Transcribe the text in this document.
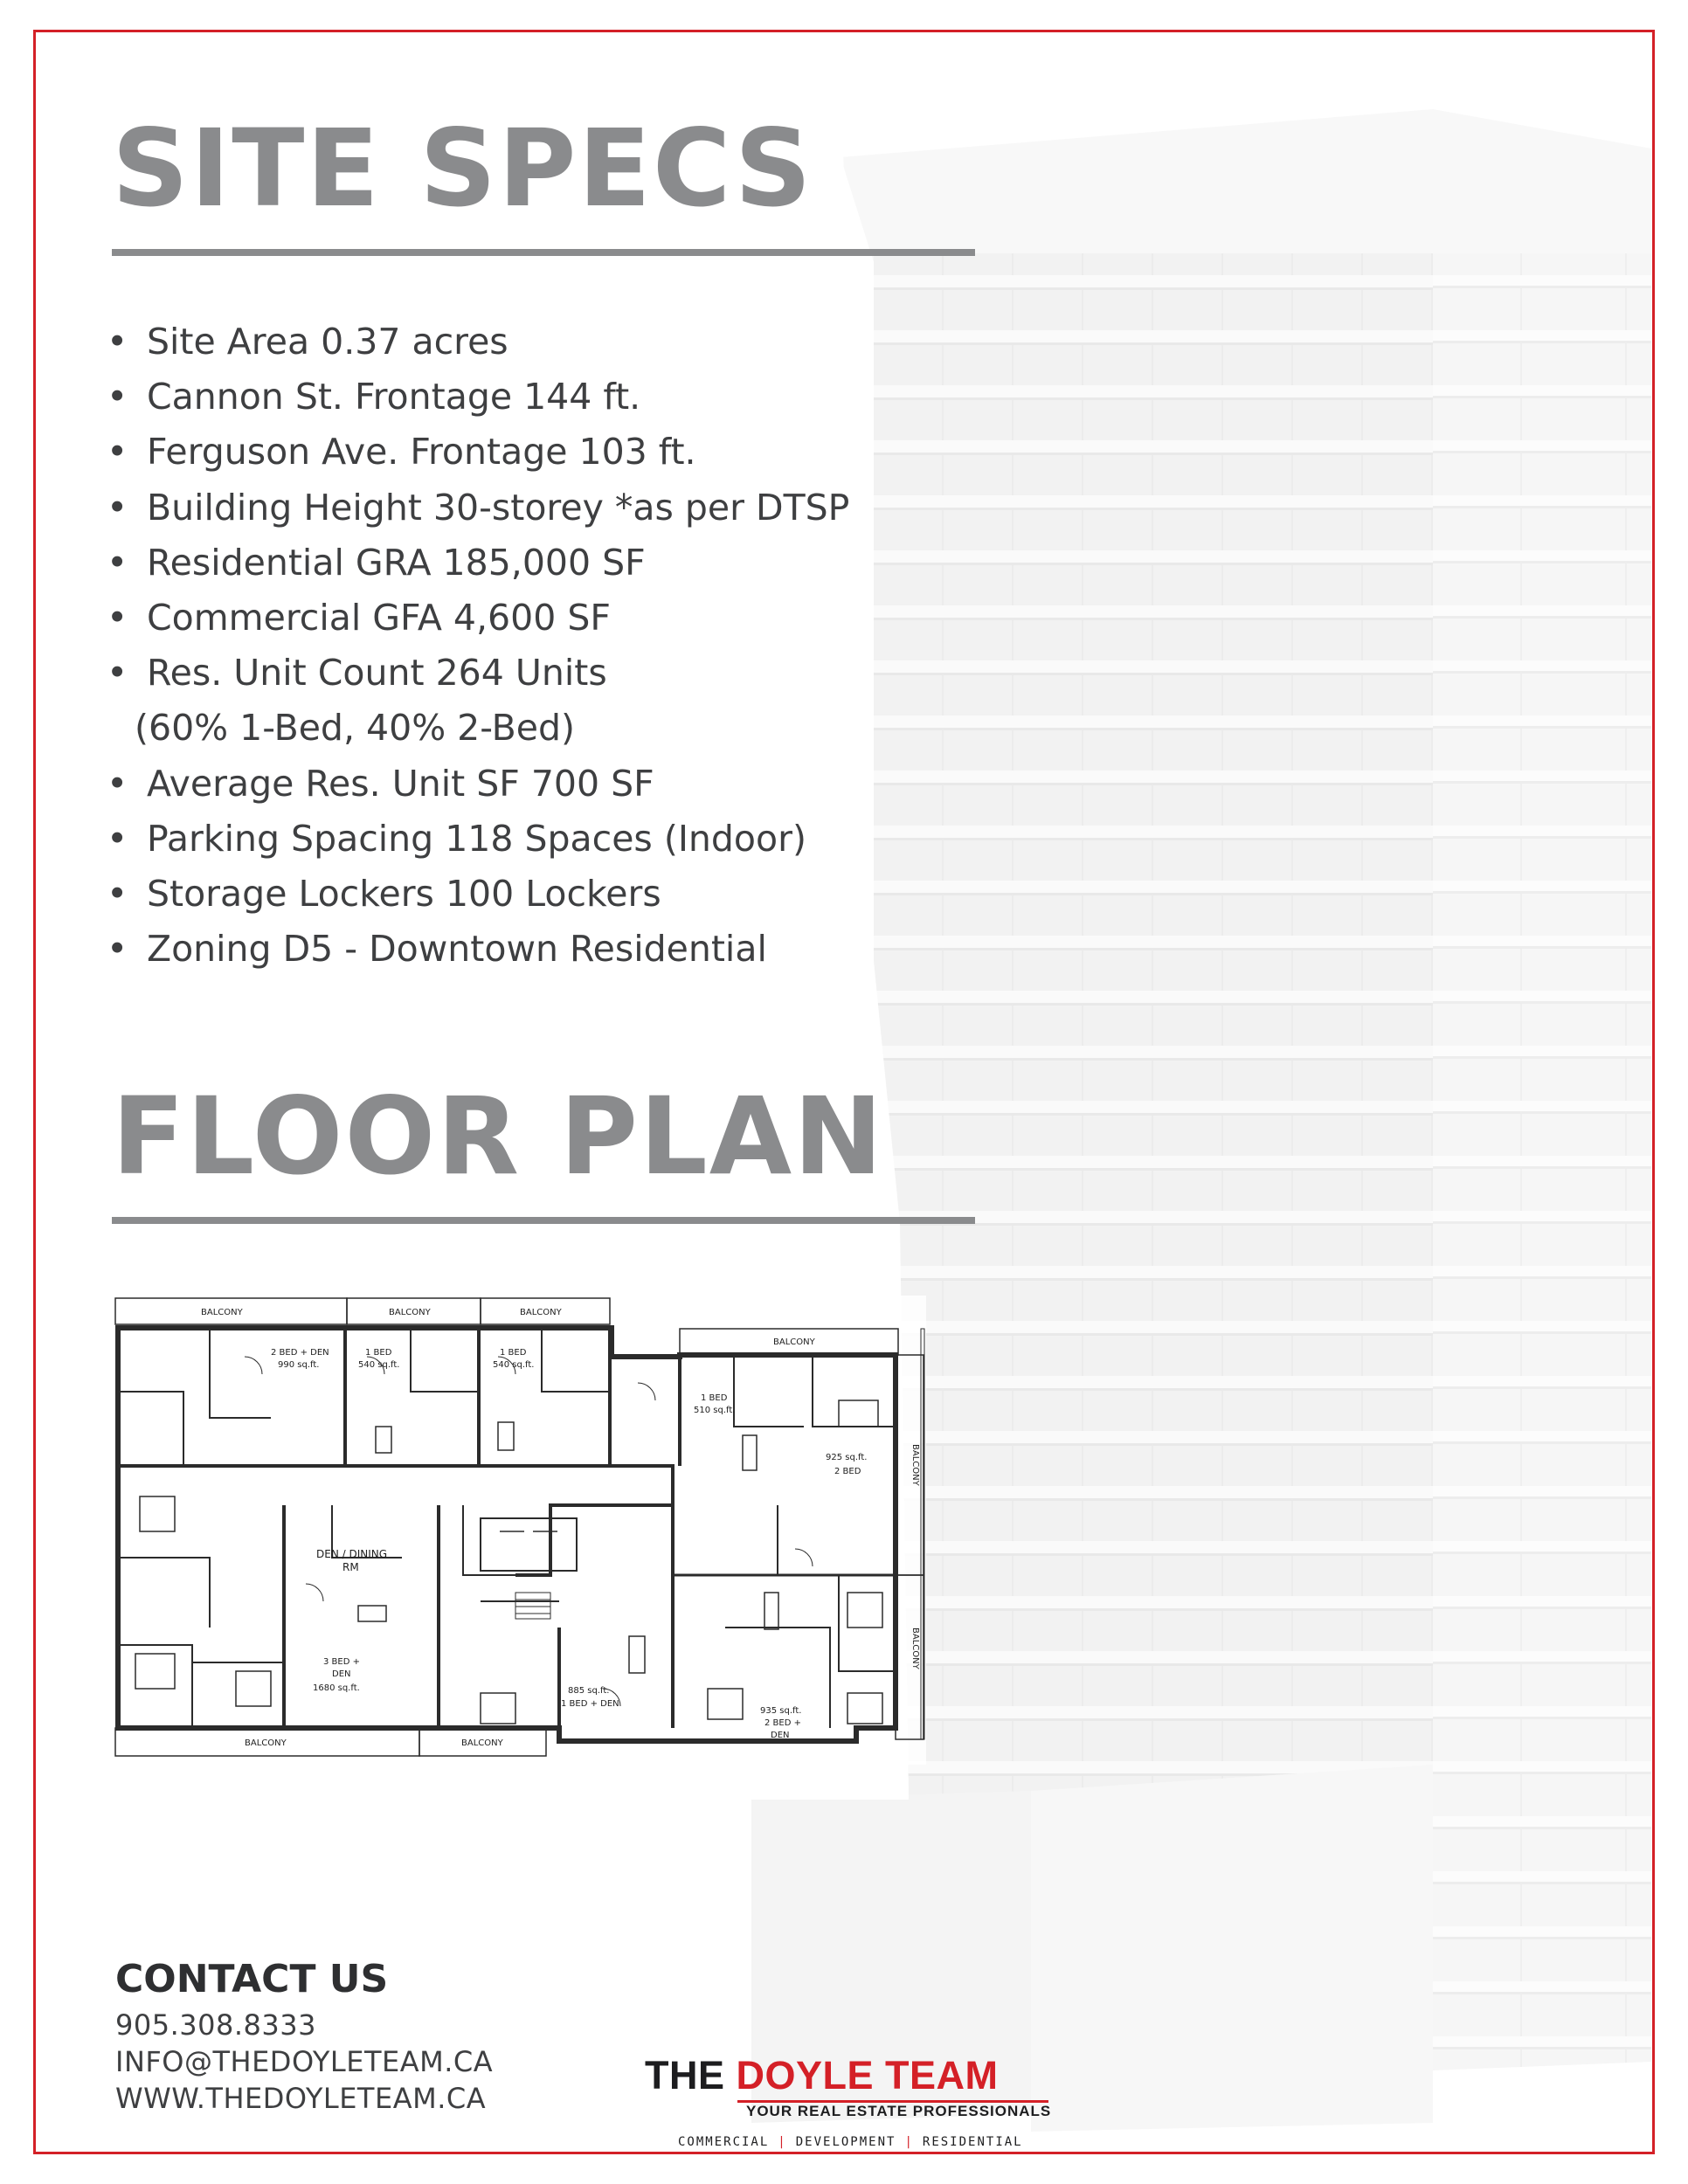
SITE SPECS
• Site Area 0.37 acres
• Cannon St. Frontage 144 ft.
• Ferguson Ave. Frontage 103 ft.
• Building Height 30-storey *as per DTSP
• Residential GRA 185,000 SF
• Commercial GFA 4,600 SF
• Res. Unit Count 264 Units
(60% 1-Bed, 40% 2-Bed)
• Average Res. Unit SF 700 SF
• Parking Spacing 118 Spaces (Indoor)
• Storage Lockers 100 Lockers
• Zoning D5 - Downtown Residential
FLOOR PLAN
BALCONY	BALCONY	BALCONY
BALCONY
BALCONY	BALCONY
BALCONY
BALCONY
2 BED + DEN
990 sq.ft.
1 BED
540 sq.ft.
1 BED
540 sq.ft.
1 BED
510 sq.ft.
925 sq.ft.
2 BED
DEN / DINING
RM
3 BED +
DEN
1680 sq.ft.	885 sq.ft.
1 BED + DEN
935 sq.ft.
2 BED +
DEN
CONTACT US
905.308.8333
INFO@THEDOYLETEAM.CA
WWW.THEDOYLETEAM.CA
THE DOYLE TEAM
YOUR REAL ESTATE PROFESSIONALS
COMMERCIAL | DEVELOPMENT | RESIDENTIAL
